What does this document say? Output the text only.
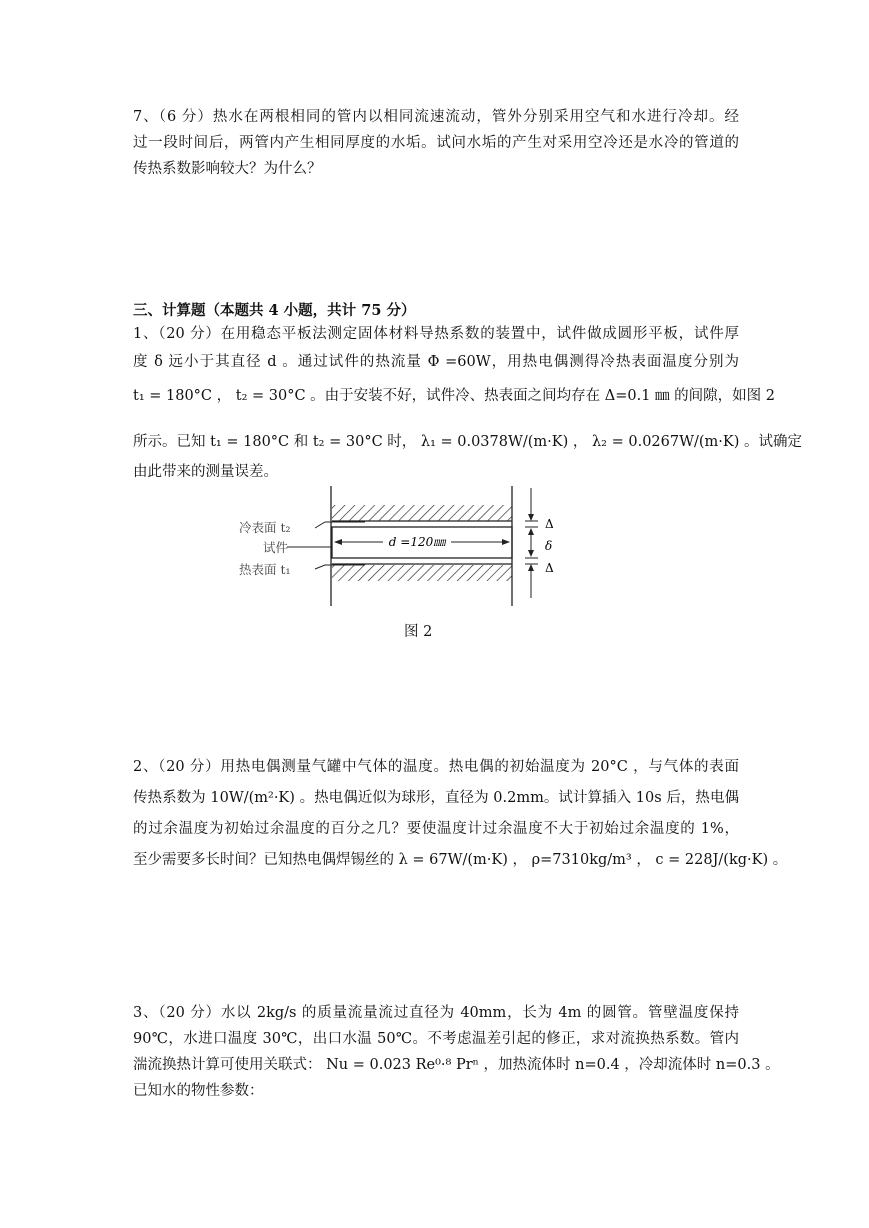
7、（6 分）热水在两根相同的管内以相同流速流动，管外分别采用空气和水进行冷却。经
过一段时间后，两管内产生相同厚度的水垢。试问水垢的产生对采用空冷还是水冷的管道的
传热系数影响较大？为什么？
三、计算题（本题共 4 小题，共计 75 分）
1、（20 分）在用稳态平板法测定固体材料导热系数的装置中，试件做成圆形平板，试件厚
度 δ 远小于其直径 d 。通过试件的热流量 Φ =60W，用热电偶测得冷热表面温度分别为
t₁ = 180°C ， t₂ = 30°C 。由于安装不好，试件冷、热表面之间均存在 Δ=0.1 ㎜ 的间隙，如图 2
所示。已知 t₁ = 180°C 和 t₂ = 30°C 时， λ₁ = 0.0378W/(m·K) ， λ₂ = 0.0267W/(m·K) 。试确定
由此带来的测量误差。
d =120㎜
冷表面 t₂
试件
热表面 t₁
Δ
δ
Δ
图 2
2、（20 分）用热电偶测量气罐中气体的温度。热电偶的初始温度为 20°C ，与气体的表面
传热系数为 10W/(m²·K) 。热电偶近似为球形，直径为 0.2mm。试计算插入 10s 后，热电偶
的过余温度为初始过余温度的百分之几？要使温度计过余温度不大于初始过余温度的 1%，
至少需要多长时间？已知热电偶焊锡丝的 λ = 67W/(m·K) ， ρ=7310kg/m³ ， c = 228J/(kg·K) 。
3、（20 分）水以 2kg/s 的质量流量流过直径为 40mm，长为 4m 的圆管。管壁温度保持
90℃，水进口温度 30℃，出口水温 50℃。不考虑温差引起的修正，求对流换热系数。管内
湍流换热计算可使用关联式： Nu = 0.023 Re⁰·⁸ Prⁿ ，加热流体时 n=0.4 ，冷却流体时 n=0.3 。
已知水的物性参数：
